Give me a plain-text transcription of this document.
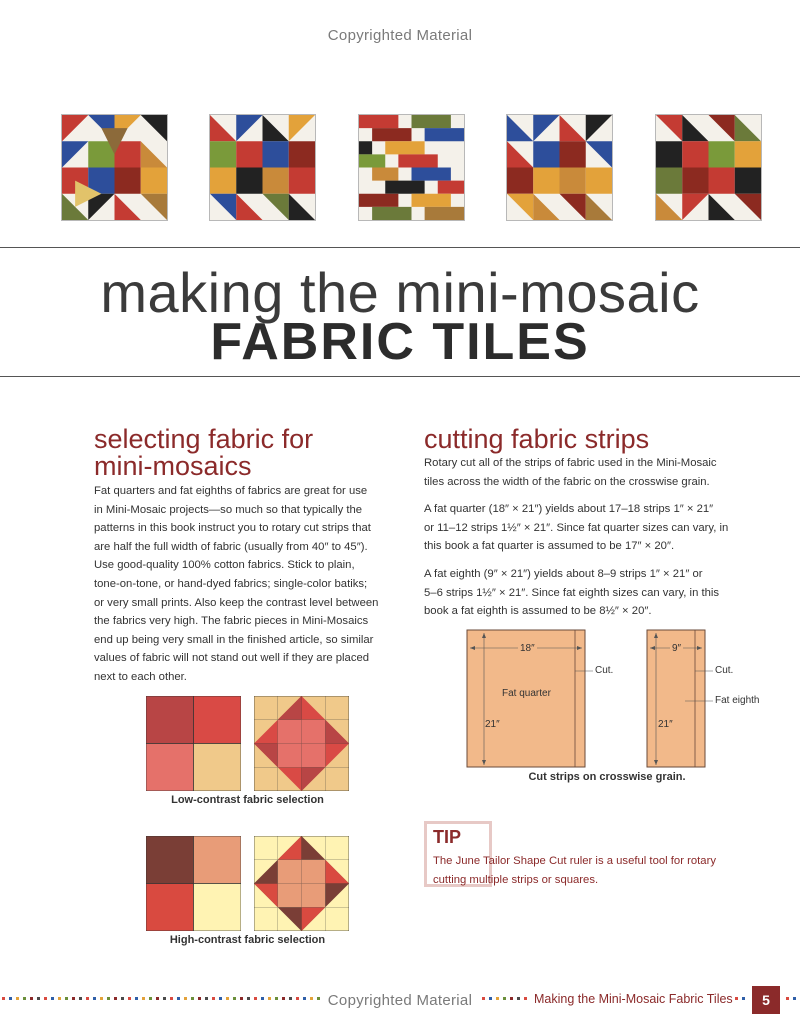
Copyrighted Material
making the mini-mosaic
FABRIC TILES
selecting fabric for
mini-mosaics
Fat quarters and fat eighths of fabrics are great for use
in Mini-Mosaic projects—so much so that typically the
patterns in this book instruct you to rotary cut strips that
are half the full width of fabric (usually from 40″ to 45″).
Use good-quality 100% cotton fabrics. Stick to plain,
tone-on-tone, or hand-dyed fabrics; single-color batiks;
or very small prints. Also keep the contrast level between
the fabrics very high. The fabric pieces in Mini-Mosaics
end up being very small in the finished article, so similar
values of fabric will not stand out well if they are placed
next to each other.
Low-contrast fabric selection
High-contrast fabric selection
cutting fabric strips
Rotary cut all of the strips of fabric used in the Mini-Mosaic
tiles across the width of the fabric on the crosswise grain.
A fat quarter (18″ × 21″) yields about 17–18 strips 1″ × 21″
or 11–12 strips 1½″ × 21″. Since fat quarter sizes can vary, in
this book a fat quarter is assumed to be 17″ × 20″.
A fat eighth (9″ × 21″) yields about 8–9 strips 1″ × 21″ or
5–6 strips 1½″ × 21″. Since fat eighth sizes can vary, in this
book a fat eighth is assumed to be 8½″ × 20″.
18″
21″
Fat quarter
Cut.
9″
21″
Cut.
Fat eighth
Cut strips on crosswise grain.
TIP
The June Tailor Shape Cut ruler is a useful tool for rotary
cutting multiple strips or squares.
Copyrighted Material	Making the Mini-Mosaic Fabric Tiles	5
